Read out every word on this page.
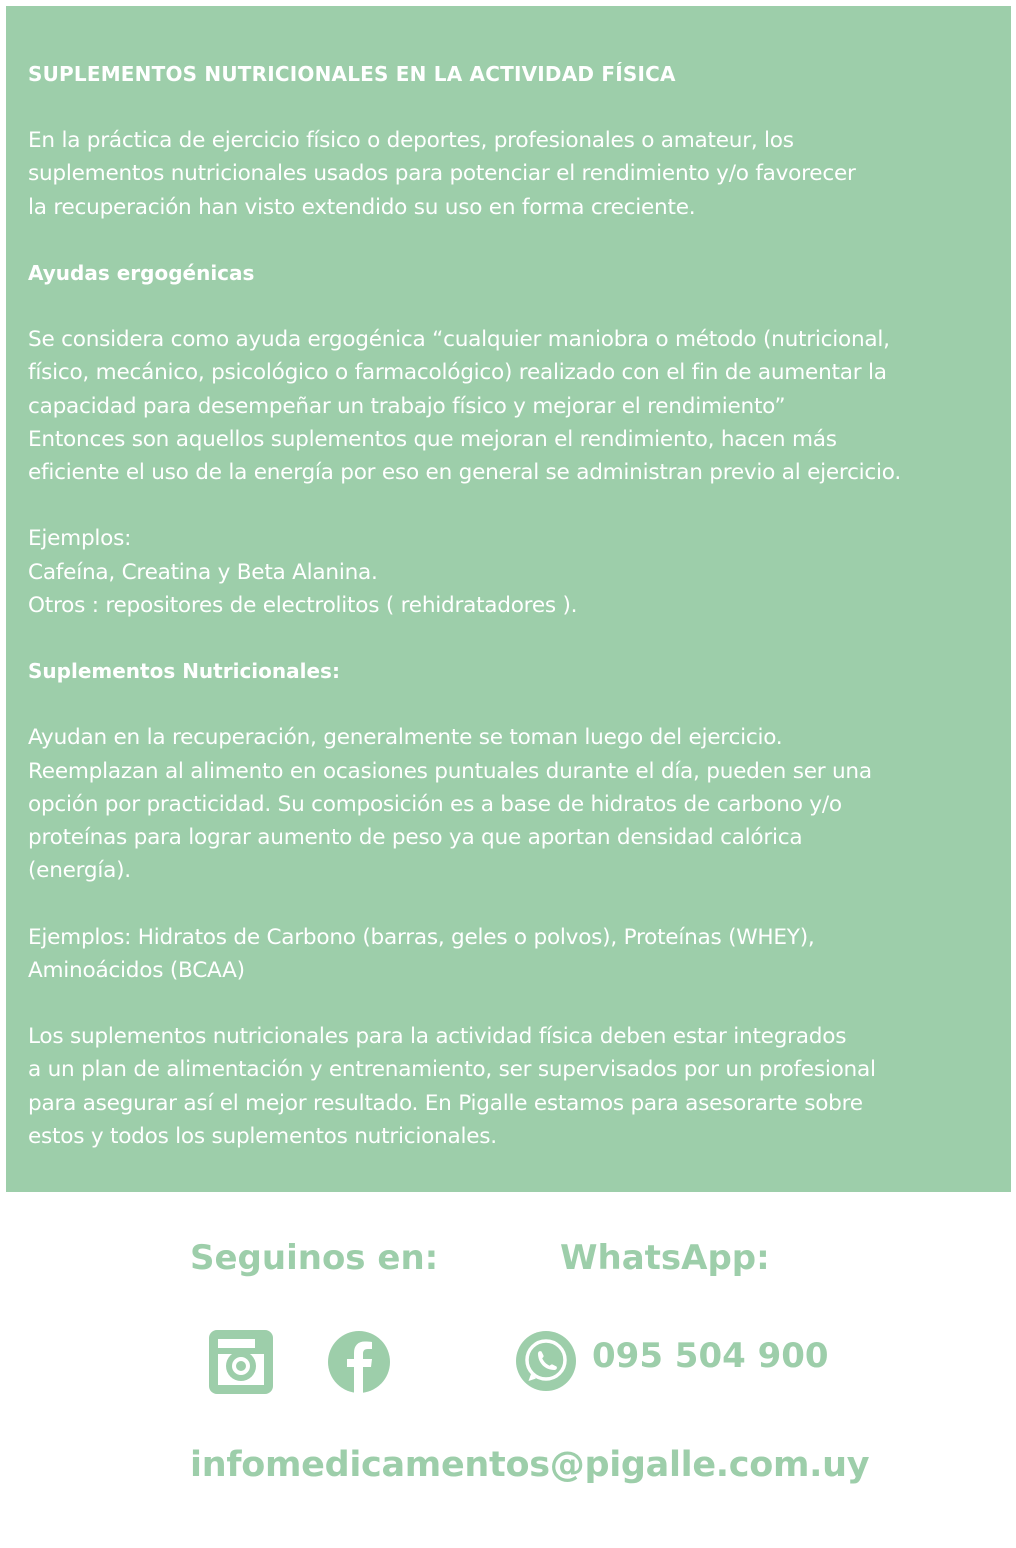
SUPLEMENTOS NUTRICIONALES EN LA ACTIVIDAD FÍSICA

En la práctica de ejercicio físico o deportes, profesionales o amateur, los

suplementos nutricionales usados para potenciar el rendimiento y/o favorecer

la recuperación han visto extendido su uso en forma creciente.

Ayudas ergogénicas

Se considera como ayuda ergogénica “cualquier maniobra o método (nutricional,

físico, mecánico, psicológico o farmacológico) realizado con el fin de aumentar la

capacidad para desempeñar un trabajo físico y mejorar el rendimiento”

Entonces son aquellos suplementos que mejoran el rendimiento, hacen más

eficiente el uso de la energía por eso en general se administran previo al ejercicio.

Ejemplos:

Cafeína, Creatina y Beta Alanina.

Otros : repositores de electrolitos ( rehidratadores ).

Suplementos Nutricionales:

Ayudan en la recuperación, generalmente se toman luego del ejercicio.

Reemplazan al alimento en ocasiones puntuales durante el día, pueden ser una

opción por practicidad. Su composición es a base de hidratos de carbono y/o

proteínas para lograr aumento de peso ya que aportan densidad calórica

(energía).

Ejemplos: Hidratos de Carbono (barras, geles o polvos), Proteínas (WHEY),

Aminoácidos (BCAA)

Los suplementos nutricionales para la actividad física deben estar integrados

a un plan de alimentación y entrenamiento, ser supervisados por un profesional

para asegurar así el mejor resultado. En Pigalle estamos para asesorarte sobre

estos y todos los suplementos nutricionales.

Seguinos en:	WhatsApp:
095 504 900
infomedicamentos@pigalle.com.uy
